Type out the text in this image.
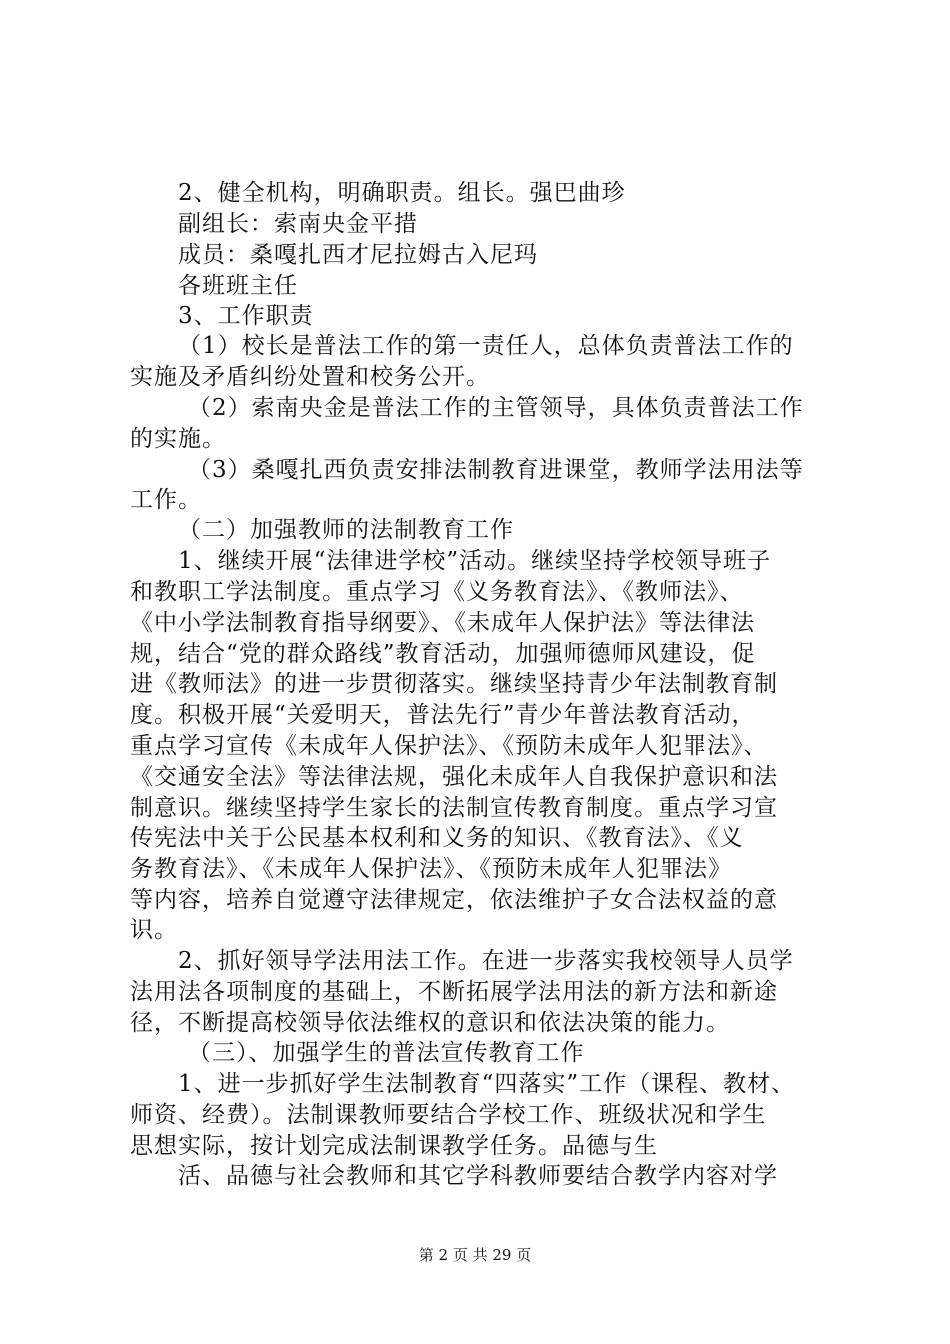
2、健全机构，明确职责。组长。强巴曲珍
副组长：索南央金平措
成员：桑嘎扎西才尼拉姆古入尼玛
各班班主任
3、工作职责
（1）校长是普法工作的第一责任人，总体负责普法工作的
实施及矛盾纠纷处置和校务公开。
（2）索南央金是普法工作的主管领导，具体负责普法工作
的实施。
（3）桑嘎扎西负责安排法制教育进课堂，教师学法用法等
工作。
（二）加强教师的法制教育工作
1、继续开展“法律进学校”活动。继续坚持学校领导班子
和教职工学法制度。重点学习《义务教育法》、《教师法》、
《中小学法制教育指导纲要》、《未成年人保护法》等法律法
规，结合“党的群众路线”教育活动，加强师德师风建设，促
进《教师法》的进一步贯彻落实。继续坚持青少年法制教育制
度。积极开展“关爱明天，普法先行”青少年普法教育活动，
重点学习宣传《未成年人保护法》、《预防未成年人犯罪法》、
《交通安全法》等法律法规，强化未成年人自我保护意识和法
制意识。继续坚持学生家长的法制宣传教育制度。重点学习宣
传宪法中关于公民基本权利和义务的知识、《教育法》、《义
务教育法》、《未成年人保护法》、《预防未成年人犯罪法》
等内容，培养自觉遵守法律规定，依法维护子女合法权益的意
识。
2、抓好领导学法用法工作。在进一步落实我校领导人员学
法用法各项制度的基础上，不断拓展学法用法的新方法和新途
径，不断提高校领导依法维权的意识和依法决策的能力。
（三）、加强学生的普法宣传教育工作
1、进一步抓好学生法制教育“四落实”工作（课程、教材、
师资、经费）。法制课教师要结合学校工作、班级状况和学生
思想实际，按计划完成法制课教学任务。品德与生
活、品德与社会教师和其它学科教师要结合教学内容对学
第 2 页 共 29 页
